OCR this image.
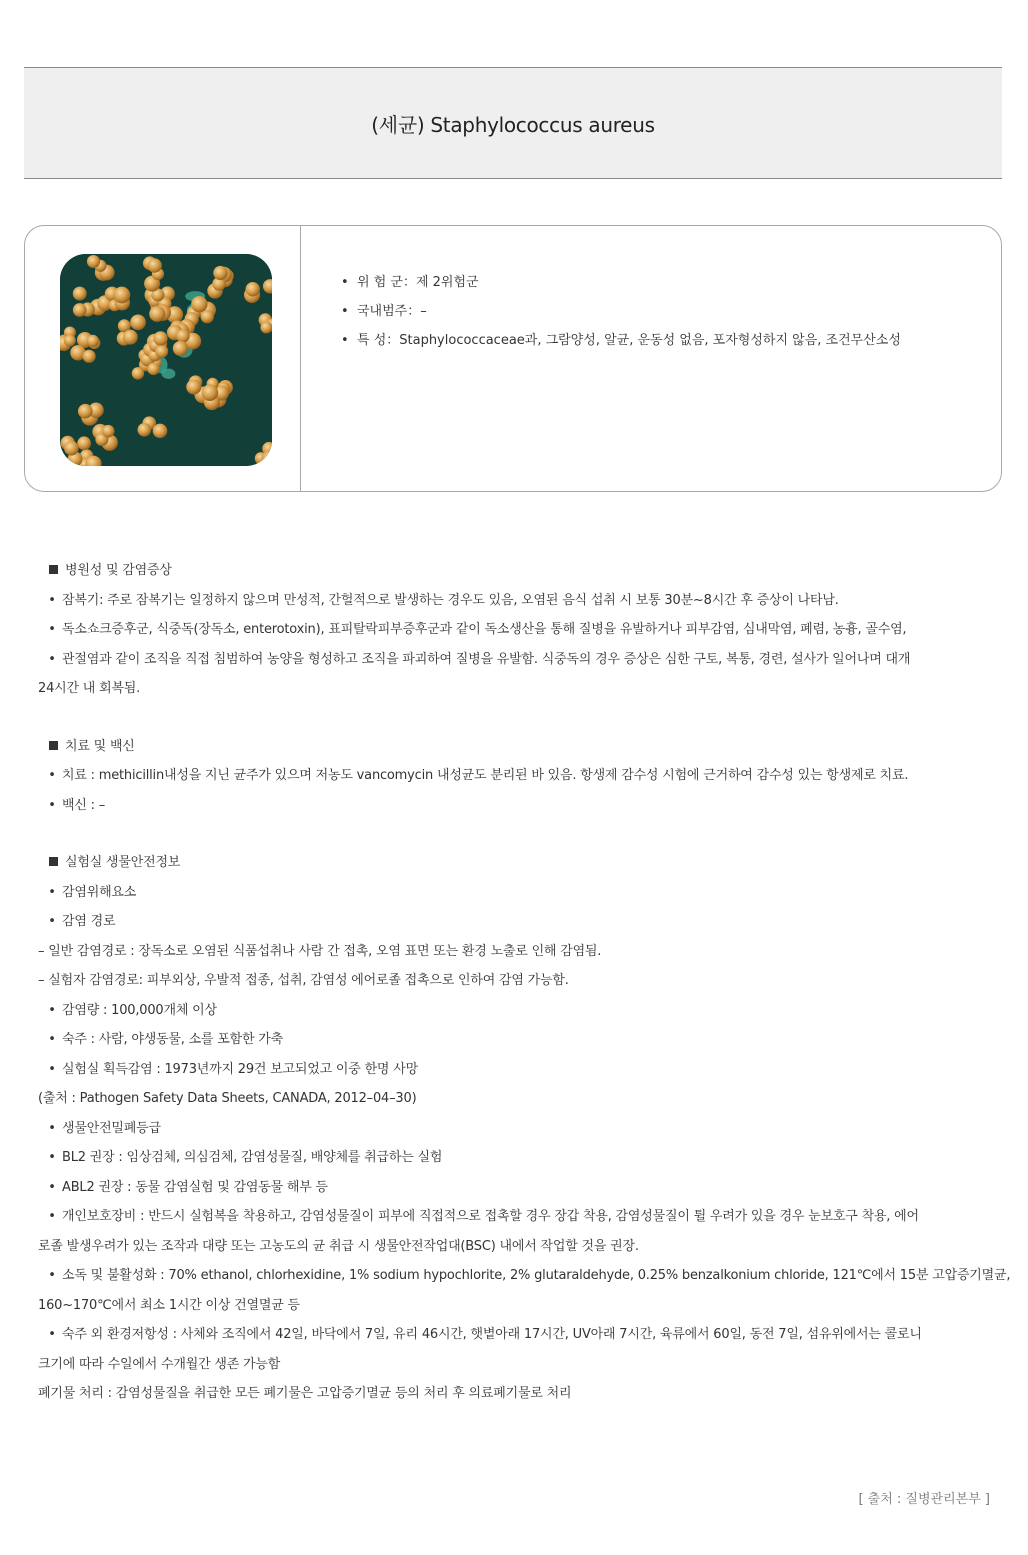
(세균) Staphylococcus aureus
• 위 험 군：제 2위험군
• 국내범주：–
• 특 성：Staphylococcaceae과, 그람양성, 알균, 운동성 없음, 포자형성하지 않음, 조건무산소성
병원성 및 감염증상
• 잠복기: 주로 잠복기는 일정하지 않으며 만성적, 간헐적으로 발생하는 경우도 있음, 오염된 음식 섭취 시 보통 30분~8시간 후 증상이 나타남.
• 독소쇼크증후군, 식중독(장독소, enterotoxin), 표피탈락피부증후군과 같이 독소생산을 통해 질병을 유발하거나 피부감염, 심내막염, 폐렴, 농흉, 골수염,
• 관절염과 같이 조직을 직접 침범하여 농양을 형성하고 조직을 파괴하여 질병을 유발함. 식중독의 경우 증상은 심한 구토, 복통, 경련, 설사가 일어나며 대개
24시간 내 회복됨.
치료 및 백신
• 치료 : methicillin내성을 지닌 균주가 있으며 저농도 vancomycin 내성균도 분리된 바 있음. 항생제 감수성 시험에 근거하여 감수성 있는 항생제로 치료.
• 백신 : –
실험실 생물안전정보
• 감염위해요소
• 감염 경로
– 일반 감염경로 : 장독소로 오염된 식품섭취나 사람 간 접촉, 오염 표면 또는 환경 노출로 인해 감염됨.
– 실험자 감염경로: 피부외상, 우발적 접종, 섭취, 감염성 에어로졸 접촉으로 인하여 감염 가능함.
• 감염량 : 100,000개체 이상
• 숙주 : 사람, 야생동물, 소를 포함한 가축
• 실험실 획득감염 : 1973년까지 29건 보고되었고 이중 한명 사망
(출처 : Pathogen Safety Data Sheets, CANADA, 2012–04–30)
• 생물안전밀폐등급
• BL2 권장 : 임상검체, 의심검체, 감염성물질, 배양체를 취급하는 실험
• ABL2 권장 : 동물 감염실험 및 감염동물 해부 등
• 개인보호장비 : 반드시 실험복을 착용하고, 감염성물질이 피부에 직접적으로 접촉할 경우 장갑 착용, 감염성물질이 튈 우려가 있을 경우 눈보호구 착용, 에어
로졸 발생우려가 있는 조작과 대량 또는 고농도의 균 취급 시 생물안전작업대(BSC) 내에서 작업할 것을 권장.
• 소독 및 불활성화 : 70% ethanol, chlorhexidine, 1% sodium hypochlorite, 2% glutaraldehyde, 0.25% benzalkonium chloride, 121℃에서 15분 고압증기멸균,
160~170℃에서 최소 1시간 이상 건열멸균 등
• 숙주 외 환경저항성 : 사체와 조직에서 42일, 바닥에서 7일, 유리 46시간, 햇볕아래 17시간, UV아래 7시간, 육류에서 60일, 동전 7일, 섬유위에서는 콜로니
크기에 따라 수일에서 수개월간 생존 가능함
폐기물 처리 : 감염성물질을 취급한 모든 폐기물은 고압증기멸균 등의 처리 후 의료폐기물로 처리
[ 출처 : 질병관리본부 ]
